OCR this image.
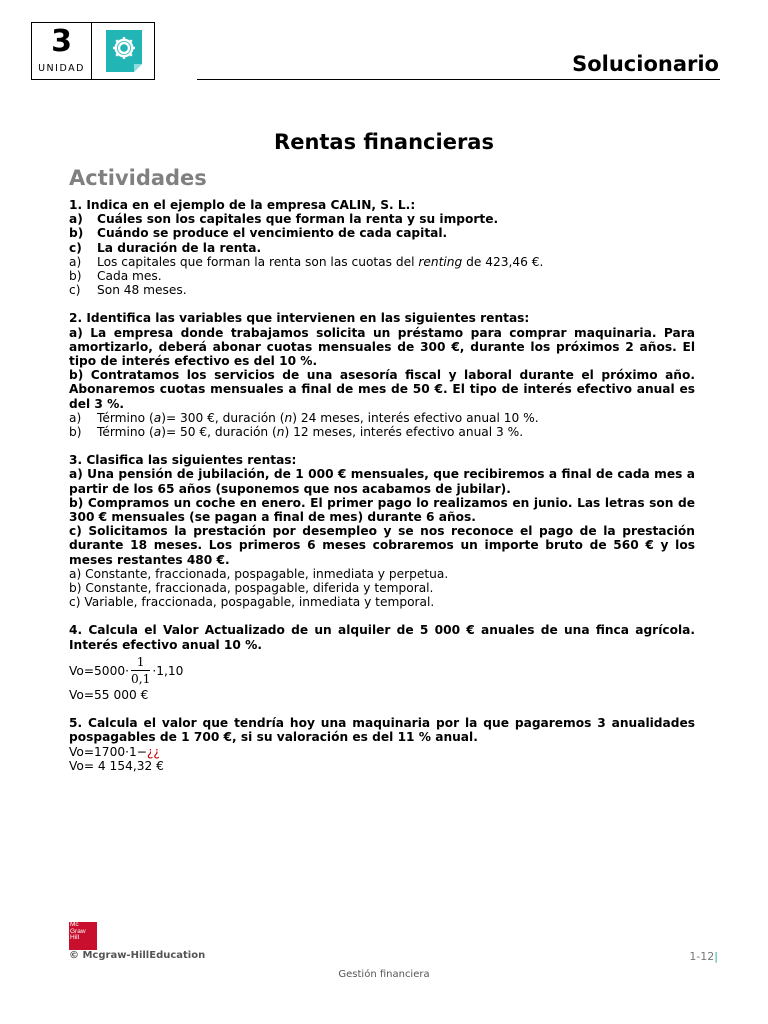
3
UNIDAD	Solucionario
Rentas financieras
Actividades

1. Indica en el ejemplo de la empresa CALIN, S. L.:

a)	Cuáles son los capitales que forman la renta y su importe.
b)	Cuándo se produce el vencimiento de cada capital.
c)	La duración de la renta.
a)	Los capitales que forman la renta son las cuotas del renting de 423,46 €.
b)	Cada mes.
c)	Son 48 meses.

2. Identifica las variables que intervienen en las siguientes rentas:

a) La empresa donde trabajamos solicita un préstamo para comprar maquinaria. Para amortizarlo, deberá abonar cuotas mensuales de 300 €, durante los próximos 2 años. El tipo de interés efectivo es del 10 %.

b) Contratamos los servicios de una asesoría fiscal y laboral durante el próximo año. Abonaremos cuotas mensuales a final de mes de 50 €. El tipo de interés efectivo anual es del 3 %.

a)	Término (a)= 300 €, duración (n) 24 meses, interés efectivo anual 10 %.
b)	Término (a)= 50 €, duración (n) 12 meses, interés efectivo anual 3 %.

3. Clasifica las siguientes rentas:

a) Una pensión de jubilación, de 1 000 € mensuales, que recibiremos a final de cada mes a partir de los 65 años (suponemos que nos acabamos de jubilar).

b) Compramos un coche en enero. El primer pago lo realizamos en junio. Las letras son de 300 € mensuales (se pagan a final de mes) durante 6 años.

c) Solicitamos la prestación por desempleo y se nos reconoce el pago de la prestación durante 18 meses. Los primeros 6 meses cobraremos un importe bruto de 560 € y los meses restantes 480 €.

a) Constante, fraccionada, pospagable, inmediata y perpetua.

b) Constante, fraccionada, pospagable, diferida y temporal.

c) Variable, fraccionada, pospagable, inmediata y temporal.

4. Calcula el Valor Actualizado de un alquiler de 5 000 € anuales de una finca agrícola. Interés efectivo anual 10 %.

$Vo=5000\cdot \frac{1}{0,1} \cdot 1,10$

Vo=55 000 €

5. Calcula el valor que tendría hoy una maquinaria por la que pagaremos 3 anualidades pospagables de 1 700 €, si su valoración es del 11 % anual.

Vo=1700·1−¿¿

Vo= 4 154,32 €

Mc
Graw
Hill
© Mcgraw-HillEducation	1-12|
Gestión financiera
